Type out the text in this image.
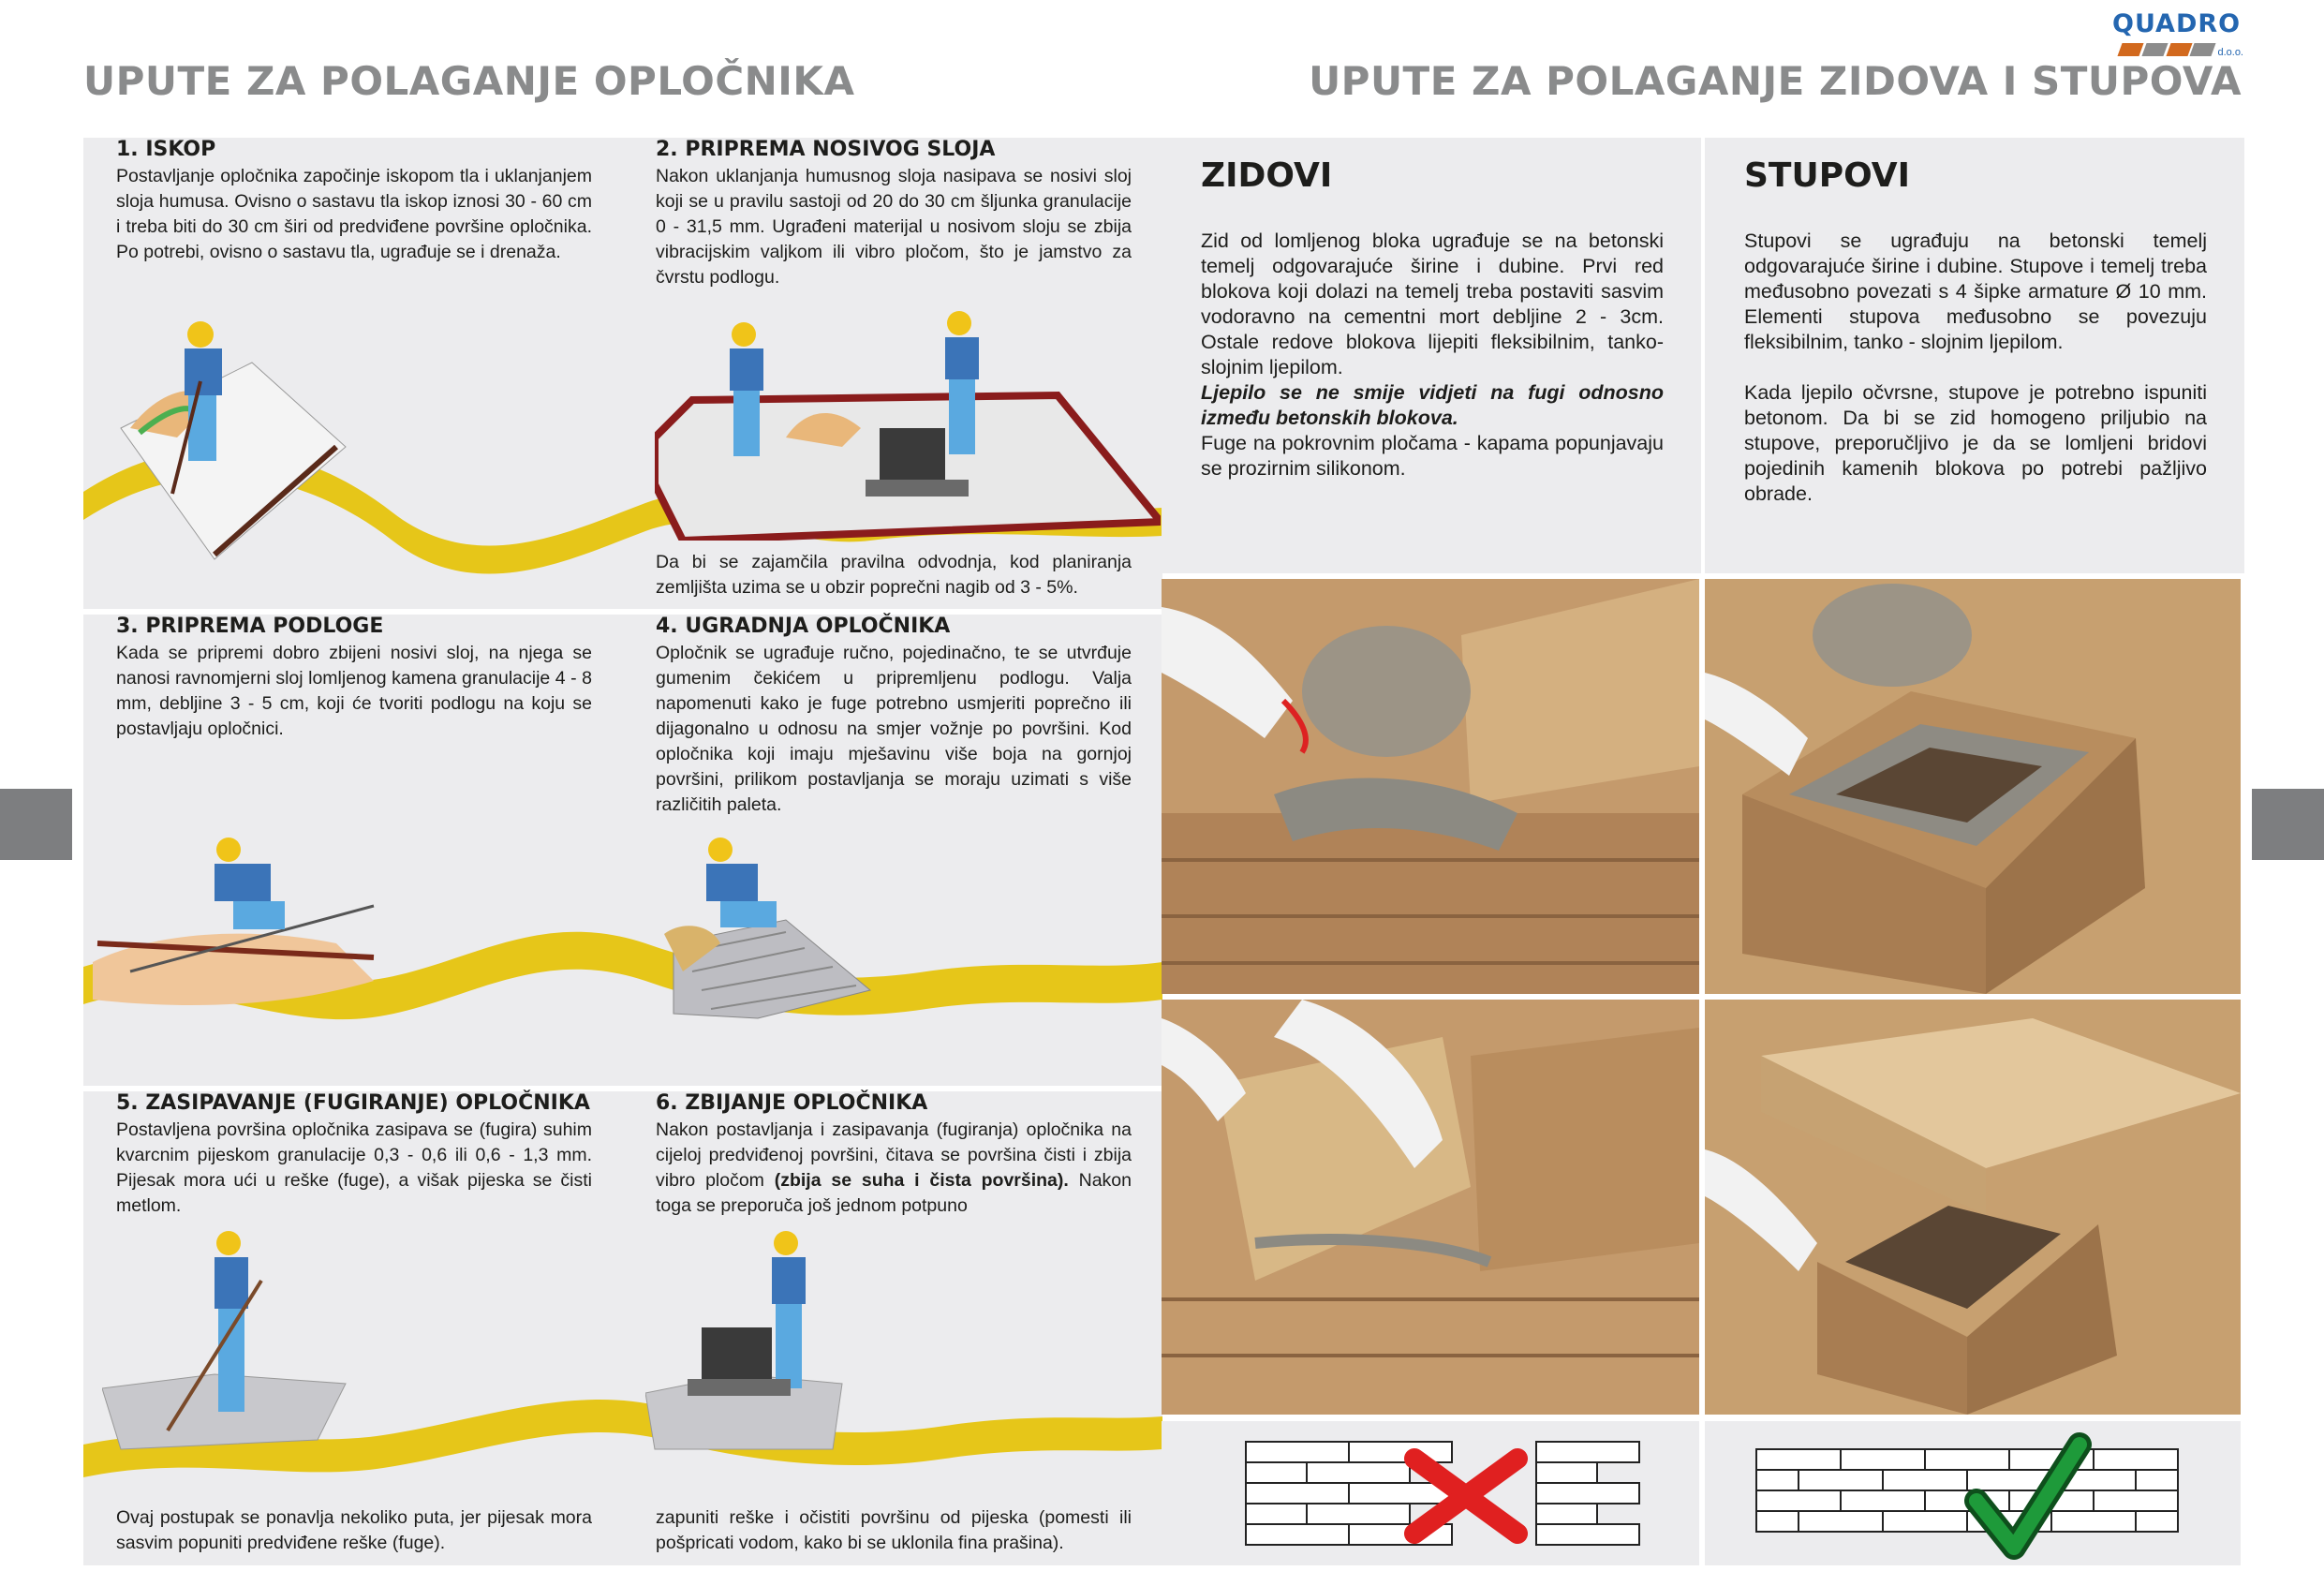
QUADRO
d.o.o.
UPUTE ZA POLAGANJE OPLOČNIKA	UPUTE ZA POLAGANJE ZIDOVA I STUPOVA
1. ISKOP

Postavljanje opločnika započinje iskopom tla i uklanjanjem sloja humusa. Ovisno o sastavu tla iskop iznosi 30 - 60 cm i treba biti do 30 cm širi od predviđene površine opločnika. Po potrebi, ovisno o sastavu tla, ugrađuje se i drenaža.

2. PRIPREMA NOSIVOG SLOJA

Nakon uklanjanja humusnog sloja nasipava se nosivi sloj koji se u pravilu sastoji od 20 do 30 cm šljunka granulacije 0 - 31,5 mm. Ugrađeni materijal u nosivom sloju se zbija vibracijskim valjkom ili vibro pločom, što je jamstvo za čvrstu podlogu.

Da bi se zajamčila pravilna odvodnja, kod planiranja zemljišta uzima se u obzir poprečni nagib od 3 - 5%.
3. PRIPREMA PODLOGE

Kada se pripremi dobro zbijeni nosivi sloj, na njega se nanosi ravnomjerni sloj lomljenog kamena granulacije 4 - 8 mm, debljine 3 - 5 cm, koji će tvoriti podlogu na koju se postavljaju opločnici.

4. UGRADNJA OPLOČNIKA

Opločnik se ugrađuje ručno, pojedinačno, te se utvrđuje gumenim čekićem u pripremljenu podlogu. Valja napomenuti kako je fuge potrebno usmjeriti poprečno ili dijagonalno u odnosu na smjer vožnje po površini. Kod opločnika koji imaju mješavinu više boja na gornjoj površini, prilikom postavljanja se moraju uzimati s više različitih paleta.

5. ZASIPAVANJE (FUGIRANJE) OPLOČNIKA

Postavljena površina opločnika zasipava se (fugira) suhim kvarcnim pijeskom granulacije 0,3 - 0,6 ili 0,6 - 1,3 mm. Pijesak mora ući u reške (fuge), a višak pijeska se čisti metlom.

Ovaj postupak se ponavlja nekoliko puta, jer pijesak mora sasvim popuniti predviđene reške (fuge).
6. ZBIJANJE OPLOČNIKA

Nakon postavljanja i zasipavanja (fugiranja) opločnika na cijeloj predviđenoj površini, čitava se površina čisti i zbija vibro pločom (zbija se suha i čista površina). Nakon toga se preporuča još jednom potpuno

zapuniti reške i očistiti površinu od pijeska (pomesti ili pošpricati vodom, kako bi se uklonila fina prašina).
ZIDOVI

Zid od lomljenog bloka ugrađuje se na betonski temelj odgovarajuće širine i dubine. Prvi red blokova koji dolazi na temelj treba postaviti sasvim vodoravno na cementni mort debljine 2 - 3cm. Ostale redove blokova lijepiti fleksibilnim, tanko-slojnim ljepilom.

Ljepilo se ne smije vidjeti na fugi odnosno između betonskih blokova.

Fuge na pokrovnim pločama - kapama popunjavaju se prozirnim silikonom.

STUPOVI

Stupovi se ugrađuju na betonski temelj odgovarajuće širine i dubine. Stupove i temelj treba međusobno povezati s 4 šipke armature Ø 10 mm. Elementi stupova međusobno se povezuju fleksibilnim, tanko - slojnim ljepilom.

Kada ljepilo očvrsne, stupove je potrebno ispuniti betonom. Da bi se zid homogeno priljubio na stupove, preporučljivo je da se lomljeni bridovi pojedinih kamenih blokova po potrebi pažljivo obrade.
